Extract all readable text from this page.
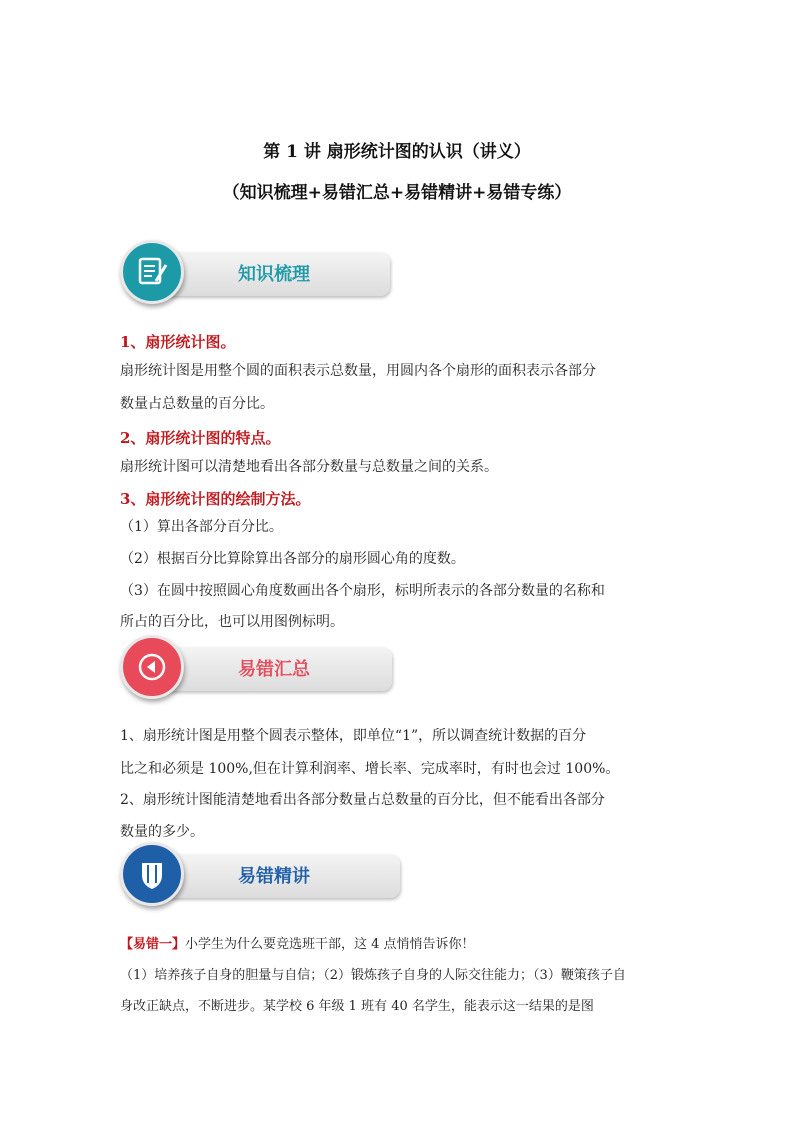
第 1 讲 扇形统计图的认识（讲义）
（知识梳理+易错汇总+易错精讲+易错专练）
知识梳理
1、扇形统计图。
扇形统计图是用整个圆的面积表示总数量，用圆内各个扇形的面积表示各部分
数量占总数量的百分比。
2、扇形统计图的特点。
扇形统计图可以清楚地看出各部分数量与总数量之间的关系。
3、扇形统计图的绘制方法。
（1）算出各部分百分比。
（2）根据百分比算除算出各部分的扇形圆心角的度数。
（3）在圆中按照圆心角度数画出各个扇形，标明所表示的各部分数量的名称和
所占的百分比，也可以用图例标明。
易错汇总
1、扇形统计图是用整个圆表示整体，即单位“1”，所以调查统计数据的百分
比之和必须是 100%,但在计算利润率、增长率、完成率时，有时也会过 100%。
2、扇形统计图能清楚地看出各部分数量占总数量的百分比，但不能看出各部分
数量的多少。
易错精讲
【易错一】小学生为什么要竞选班干部，这 4 点悄悄告诉你！
（1）培养孩子自身的胆量与自信；（2）锻炼孩子自身的人际交往能力；（3）鞭策孩子自
身改正缺点，不断进步。某学校 6 年级 1 班有 40 名学生，能表示这一结果的是图
